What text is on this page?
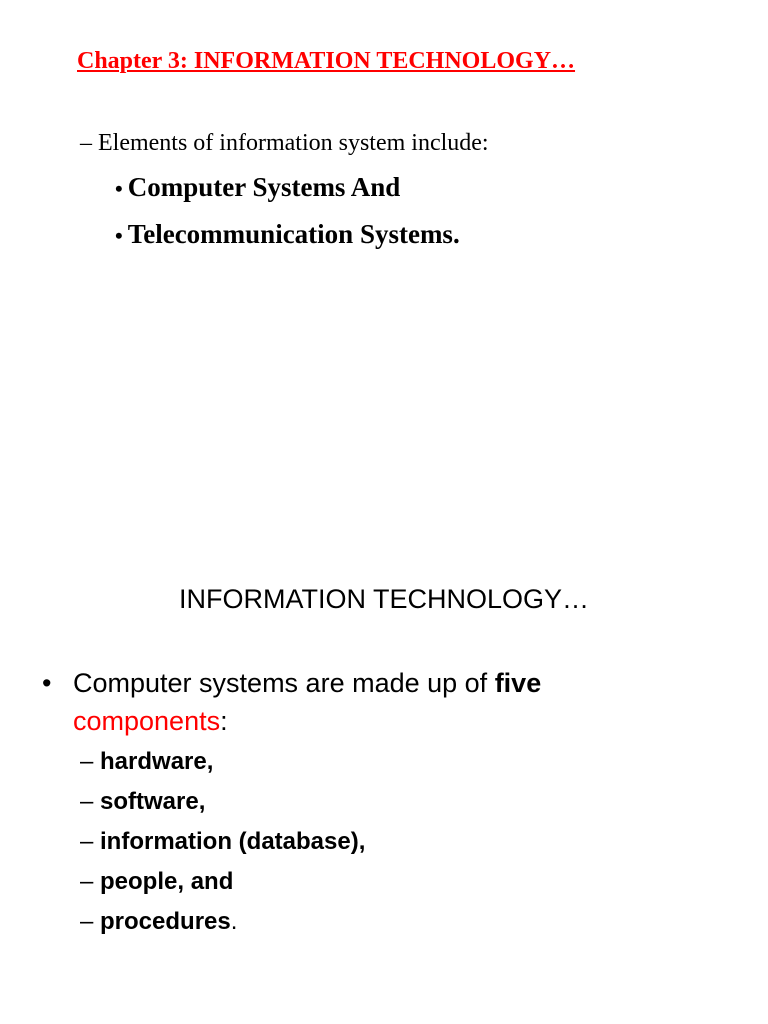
Chapter 3: INFORMATION TECHNOLOGY…
– Elements of information system include:
• Computer Systems And
• Telecommunication Systems.
INFORMATION TECHNOLOGY…
• Computer systems are made up of five
components:
– hardware,
– software,
– information (database),
– people, and
– procedures.
